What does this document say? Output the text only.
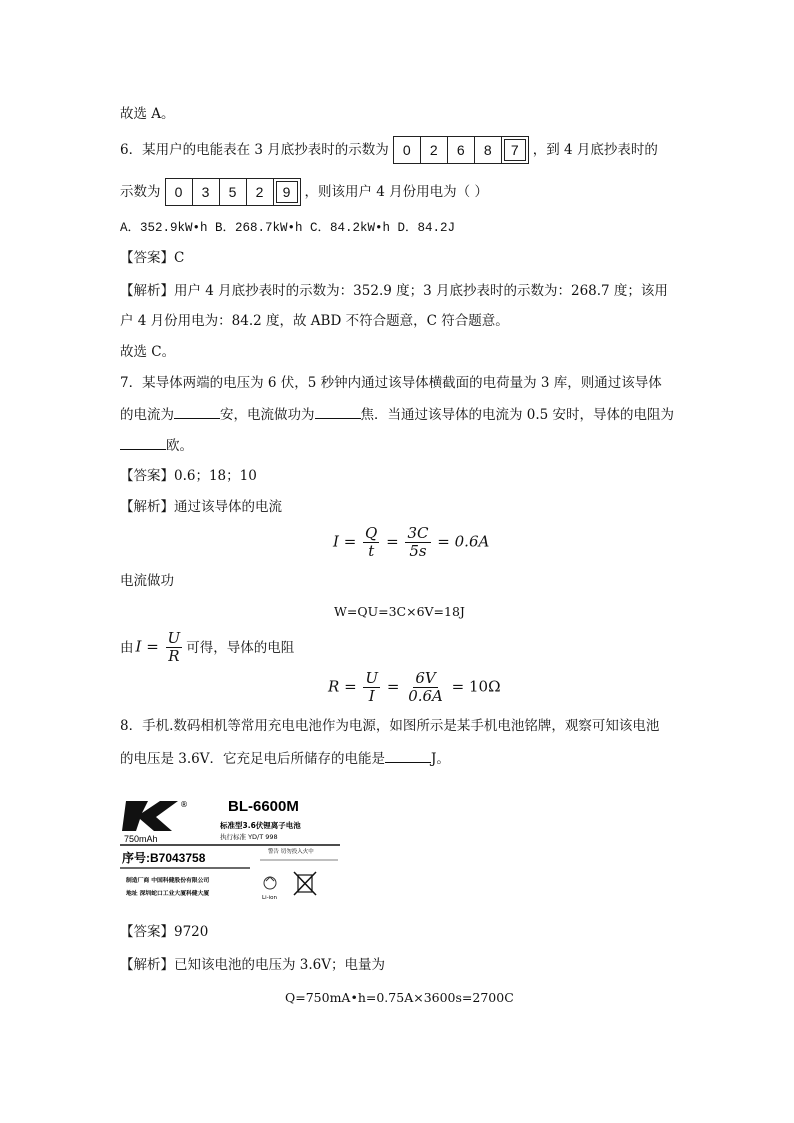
故选 A。
6．某用户的电能表在 3 月底抄表时的示数为	0	2	6	8	7	，到 4 月底抄表时的
示数为	0	3	5	2	9	，则该用户 4 月份用电为（ ）
A．352.9kW•h B．268.7kW•h C．84.2kW•h D．84.2J
【答案】C
【解析】用户 4 月底抄表时的示数为：352.9 度；3 月底抄表时的示数为：268.7 度；该用
户 4 月份用电为：84.2 度，故 ABD 不符合题意，C 符合题意。
故选 C。
7．某导体两端的电压为 6 伏，5 秒钟内通过该导体横截面的电荷量为 3 库，则通过该导体
的电流为	安，电流做功为	焦．当通过该导体的电流为 0.5 安时，导体的电阻为
欧。
【答案】0.6；18；10
【解析】通过该导体的电流
$I = \frac{Q}{t} = \frac{3C}{5s} = 0.6A$
电流做功
W=QU=3C×6V=18J
由 $I = \frac{U}{R}$ 可得，导体的电阻
$R = \frac{U}{I} = \frac{6V}{0.6A} = 10\Omega$
8．手机.数码相机等常用充电电池作为电源，如图所示是某手机电池铭牌，观察可知该电池
的电压是 3.6V．它充足电后所储存的电能是	J。
®
750mAh
BL-6600M
标准型3.6伏锂离子电池
执行标准 YD/T 998
序号:B7043758	警告 切勿投入火中
制造厂商 中国科健股份有限公司
地址 深圳蛇口工业大厦科健大厦
Li-ion
【答案】9720
【解析】已知该电池的电压为 3.6V；电量为
Q=750mA•h=0.75A×3600s=2700C
